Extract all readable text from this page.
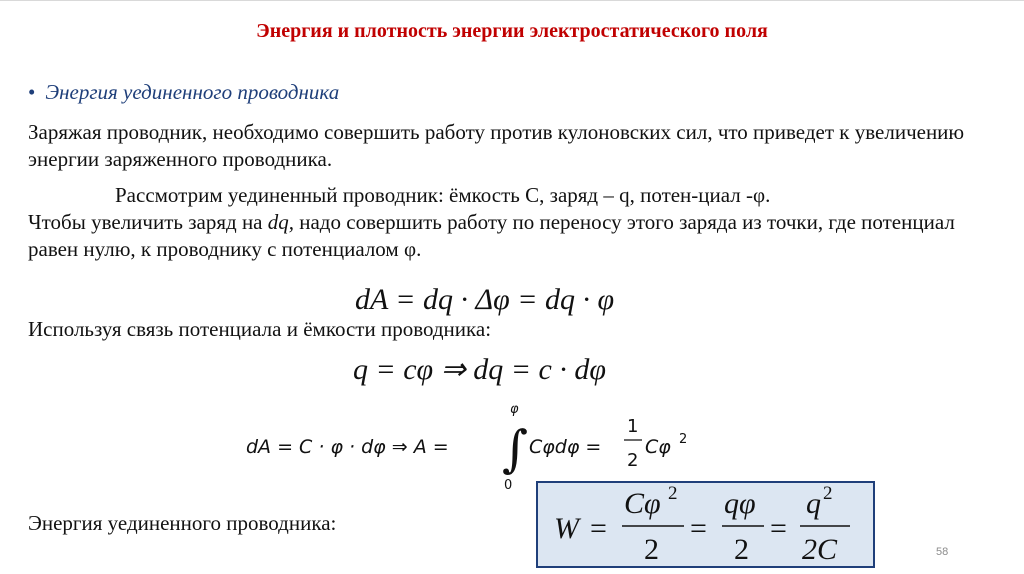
Энергия и плотность энергии электростатического поля
• Энергия уединенного проводника
Заряжая проводник, необходимо совершить работу против кулоновских сил, что приведет к увеличению энергии заряженного проводника.
Рассмотрим уединенный проводник: ёмкость С, заряд – q, потен-циал -φ.
Чтобы увеличить заряд на dq, надо совершить работу по переносу этого заряда из точки, где потенциал равен нулю, к проводнику с потенциалом φ.
dA = dq · Δφ = dq · φ
Используя связь потенциала и ёмкости проводника:
q = cφ ⇒ dq = c · dφ
dA = C · φ · dφ ⇒ A = ∫
φ
0
Cφdφ =
1
2
Cφ 2
Энергия уединенного проводника:	W =
Cφ 2
2
=
qφ
2
=
q 2
2C	58
